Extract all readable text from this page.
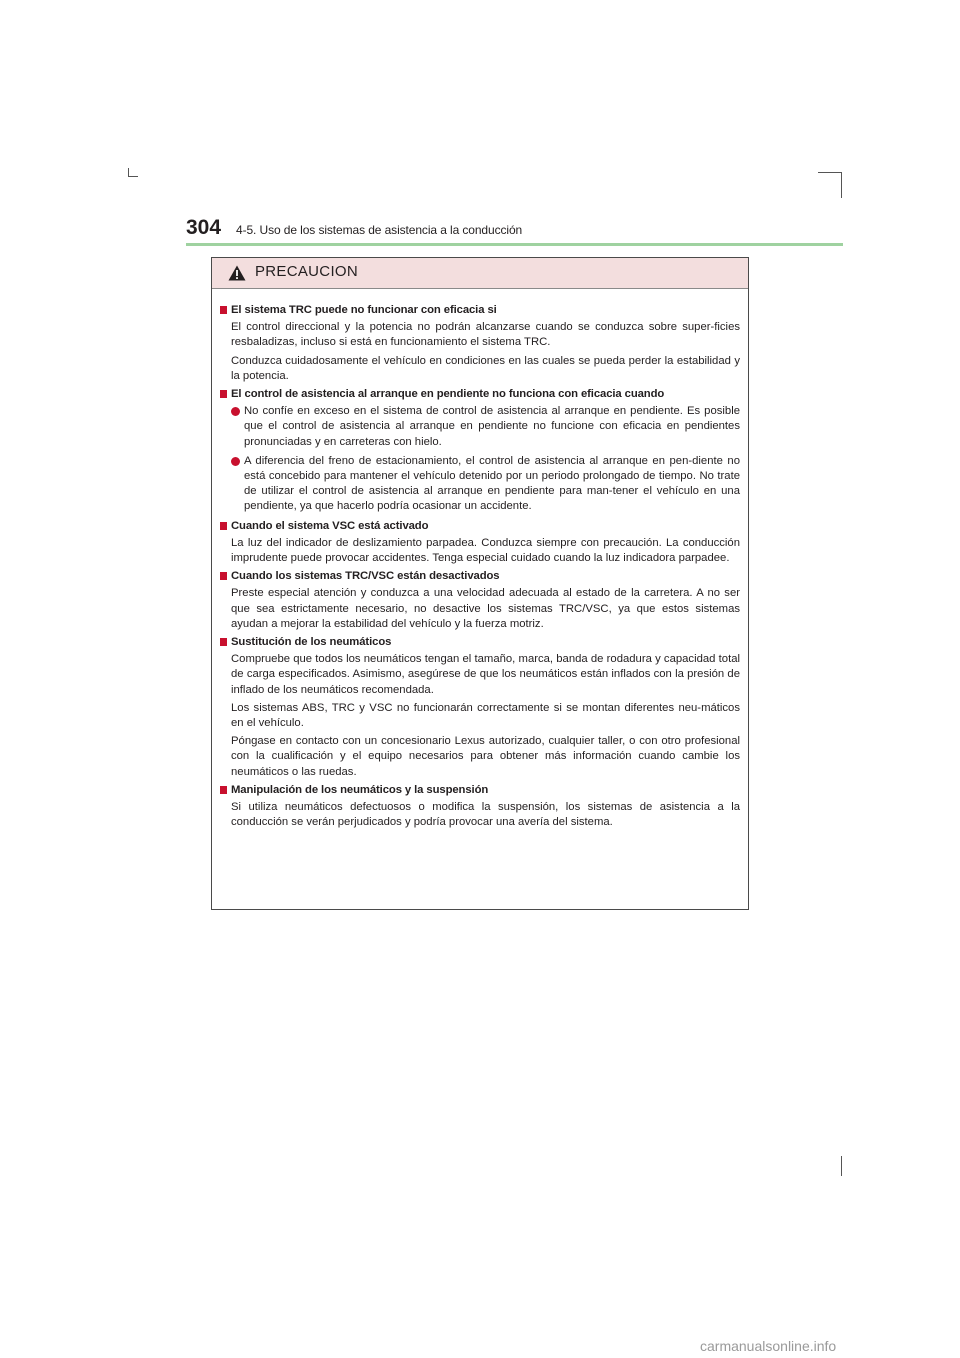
304 4-5. Uso de los sistemas de asistencia a la conducción
PRECAUCION
El sistema TRC puede no funcionar con eficacia si
El control direccional y la potencia no podrán alcanzarse cuando se conduzca sobre super-ficies resbaladizas, incluso si está en funcionamiento el sistema TRC.
Conduzca cuidadosamente el vehículo en condiciones en las cuales se pueda perder la estabilidad y la potencia.
El control de asistencia al arranque en pendiente no funciona con eficacia cuando
No confíe en exceso en el sistema de control de asistencia al arranque en pendiente. Es posible que el control de asistencia al arranque en pendiente no funcione con eficacia en pendientes pronunciadas y en carreteras con hielo.
A diferencia del freno de estacionamiento, el control de asistencia al arranque en pen-diente no está concebido para mantener el vehículo detenido por un periodo prolongado de tiempo. No trate de utilizar el control de asistencia al arranque en pendiente para man-tener el vehículo en una pendiente, ya que hacerlo podría ocasionar un accidente.
Cuando el sistema VSC está activado
La luz del indicador de deslizamiento parpadea. Conduzca siempre con precaución. La conducción imprudente puede provocar accidentes. Tenga especial cuidado cuando la luz indicadora parpadee.
Cuando los sistemas TRC/VSC están desactivados
Preste especial atención y conduzca a una velocidad adecuada al estado de la carretera. A no ser que sea estrictamente necesario, no desactive los sistemas TRC/VSC, ya que estos sistemas ayudan a mejorar la estabilidad del vehículo y la fuerza motriz.
Sustitución de los neumáticos
Compruebe que todos los neumáticos tengan el tamaño, marca, banda de rodadura y capacidad total de carga especificados. Asimismo, asegúrese de que los neumáticos están inflados con la presión de inflado de los neumáticos recomendada.
Los sistemas ABS, TRC y VSC no funcionarán correctamente si se montan diferentes neu-máticos en el vehículo.
Póngase en contacto con un concesionario Lexus autorizado, cualquier taller, o con otro profesional con la cualificación y el equipo necesarios para obtener más información cuando cambie los neumáticos o las ruedas.
Manipulación de los neumáticos y la suspensión
Si utiliza neumáticos defectuosos o modifica la suspensión, los sistemas de asistencia a la conducción se verán perjudicados y podría provocar una avería del sistema.
carmanualsonline.info
